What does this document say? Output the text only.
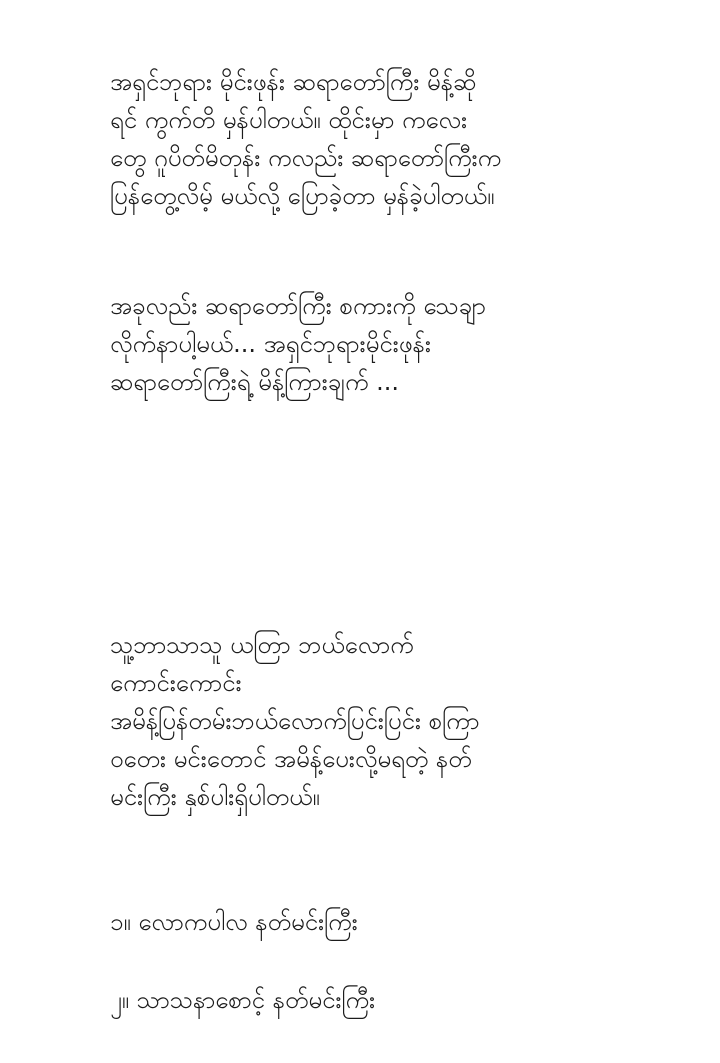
အရှင်ဘုရား မိုင်းဖုန်း ဆရာတော်ကြီး မိန့်ဆို
ရင် ကွက်တိ မှန်ပါတယ်။ ထိုင်းမှာ ကလေး
တွေ ဂူပိတ်မိတုန်း ကလည်း ဆရာတော်ကြီးက
ပြန်တွေ့လိမ့် မယ်လို့ ပြောခဲ့တာ မှန်ခဲ့ပါတယ်။

အခုလည်း ဆရာတော်ကြီး စကားကို သေချာ
လိုက်နာပါ့မယ်... အရှင်ဘုရားမိုင်းဖုန်း
ဆရာတော်ကြီးရဲ့ မိန့်ကြားချက် ...

သူ့ဘာသာသူ ယတြာ ဘယ်လောက်
ကောင်းကောင်း
အမိန့်ပြန်တမ်းဘယ်လောက်ပြင်းပြင်း စကြာ
ဝတေး မင်းတောင် အမိန့်ပေးလို့မရတဲ့ နတ်
မင်းကြီး နှစ်ပါးရှိပါတယ်။

၁။ လောကပါလ နတ်မင်းကြီး

၂။ သာသနာစောင့် နတ်မင်းကြီး
